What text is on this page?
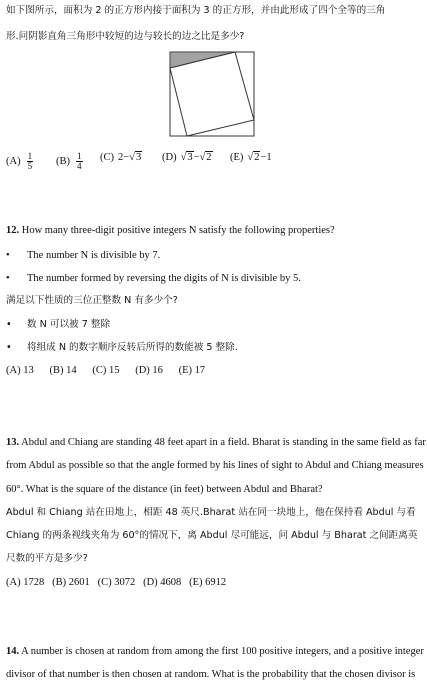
如下图所示，面积为 2 的正方形内接于面积为 3 的正方形，并由此形成了四个全等的三角
形.问阴影直角三角形中较短的边与较长的边之比是多少?
$(A) \frac{1}{5} (B) \frac{1}{4} (C)$ 2−√3 (D) √3−√2 (E) √2−1
12. How many three-digit positive integers N satisfy the following properties?
• The number N is divisible by 7.
• The number formed by reversing the digits of N is divisible by 5.
满足以下性质的三位正整数 N 有多少个?
• 数 N 可以被 7 整除
• 将组成 N 的数字顺序反转后所得的数能被 5 整除.
(A) 13      (B) 14      (C) 15      (D) 16      (E) 17
13. Abdul and Chiang are standing 48 feet apart in a field. Bharat is standing in the same field as far
from Abdul as possible so that the angle formed by his lines of sight to Abdul and Chiang measures
60°. What is the square of the distance (in feet) between Abdul and Bharat?
Abdul 和 Chiang 站在田地上，相距 48 英尺.Bharat 站在同一块地上，他在保持看 Abdul 与看
Chiang 的两条视线夹角为 60°的情况下，离 Abdul 尽可能远，问 Abdul 与 Bharat 之间距离英
尺数的平方是多少?
(A) 1728   (B) 2601   (C) 3072   (D) 4608   (E) 6912
14. A number is chosen at random from among the first 100 positive integers, and a positive integer
divisor of that number is then chosen at random. What is the probability that the chosen divisor is
